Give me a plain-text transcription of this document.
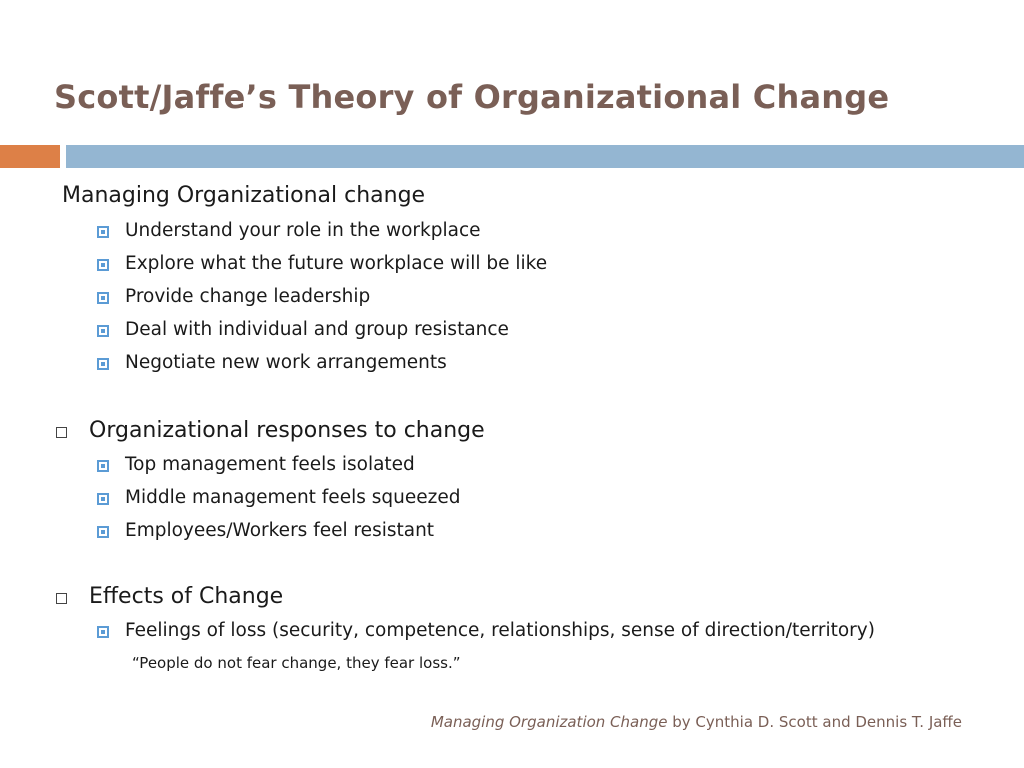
Scott/Jaffe’s Theory of Organizational Change
Managing Organizational change
Understand your role in the workplace
Explore what the future workplace will be like
Provide change leadership
Deal with individual and group resistance
Negotiate new work arrangements
Organizational responses to change
Top management feels isolated
Middle management feels squeezed
Employees/Workers feel resistant
Effects of Change
Feelings of loss (security, competence, relationships, sense of direction/territory)
“People do not fear change, they fear loss.”
Managing Organization Change by Cynthia D. Scott and Dennis T. Jaffe
